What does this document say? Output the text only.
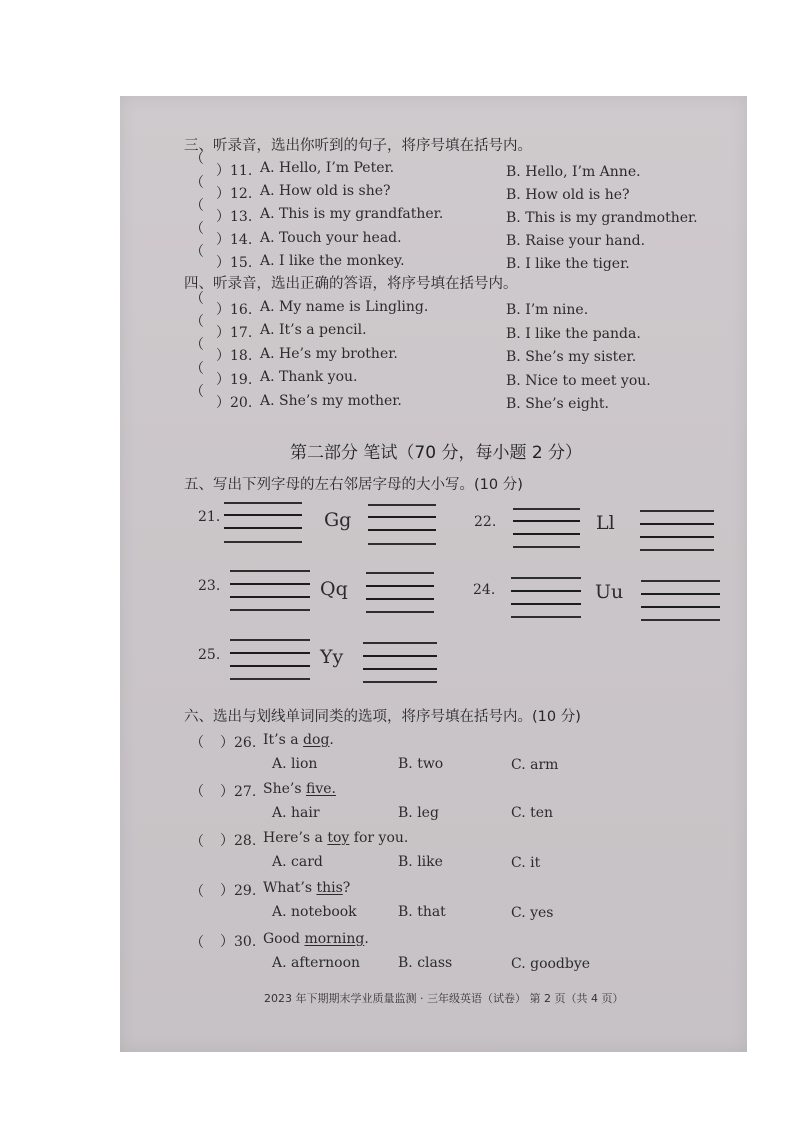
三、听录音，选出你听到的句子，将序号填在括号内。
（
）11. A. Hello, I’m Peter.	B. Hello, I’m Anne.
（
）12. A. How old is she?	B. How old is he?
（
）13. A. This is my grandfather.	B. This is my grandmother.
（
）14. A. Touch your head.	B. Raise your hand.
（
）15. A. I like the monkey.	B. I like the tiger.
四、听录音，选出正确的答语，将序号填在括号内。
（
）16. A. My name is Lingling.	B. I’m nine.
（
）17. A. It’s a pencil.	B. I like the panda.
（
）18. A. He’s my brother.	B. She’s my sister.
（
）19. A. Thank you.	B. Nice to meet you.
（
）20. A. She’s my mother.	B. She’s eight.
第二部分 笔试（70 分，每小题 2 分）
五、写出下列字母的左右邻居字母的大小写。(10 分)
21.	Gg	22.	Ll
23.	Qq	24.	Uu
25.	Yy
六、选出与划线单词同类的选项，将序号填在括号内。(10 分)
（ ）26. It’s a dog.
A. lion	B. two	C. arm
（ ）27. She’s five.
A. hair	B. leg	C. ten
（ ）28. Here’s a toy for you.
A. card	B. like	C. it
（ ）29. What’s this?
A. notebook	B. that	C. yes
（ ）30. Good morning.
A. afternoon	B. class	C. goodbye
2023 年下期期末学业质量监测 · 三年级英语（试卷） 第 2 页（共 4 页）
